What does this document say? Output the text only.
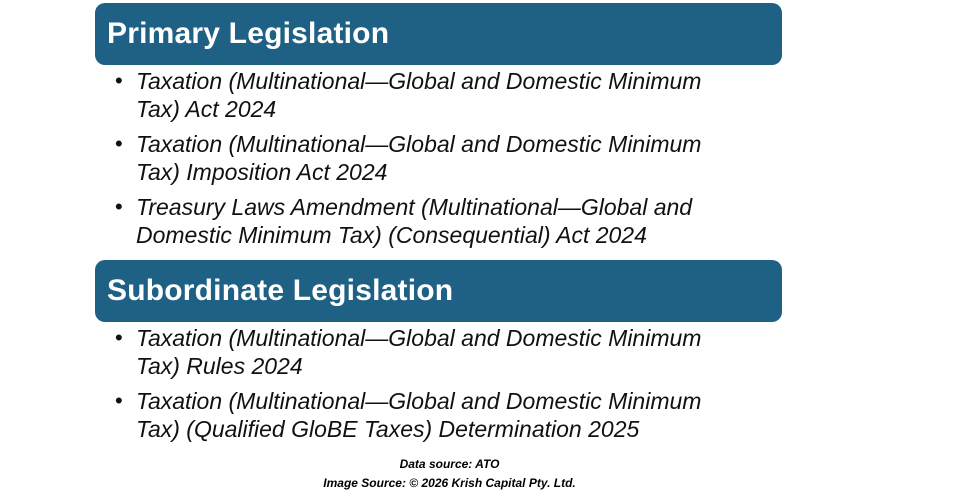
Primary Legislation
• Taxation (Multinational—Global and Domestic Minimum
Tax) Act 2024
• Taxation (Multinational—Global and Domestic Minimum
Tax) Imposition Act 2024
• Treasury Laws Amendment (Multinational—Global and
Domestic Minimum Tax) (Consequential) Act 2024
Subordinate Legislation
• Taxation (Multinational—Global and Domestic Minimum
Tax) Rules 2024
• Taxation (Multinational—Global and Domestic Minimum
Tax) (Qualified GloBE Taxes) Determination 2025
Data source: ATO
Image Source: © 2026 Krish Capital Pty. Ltd.
